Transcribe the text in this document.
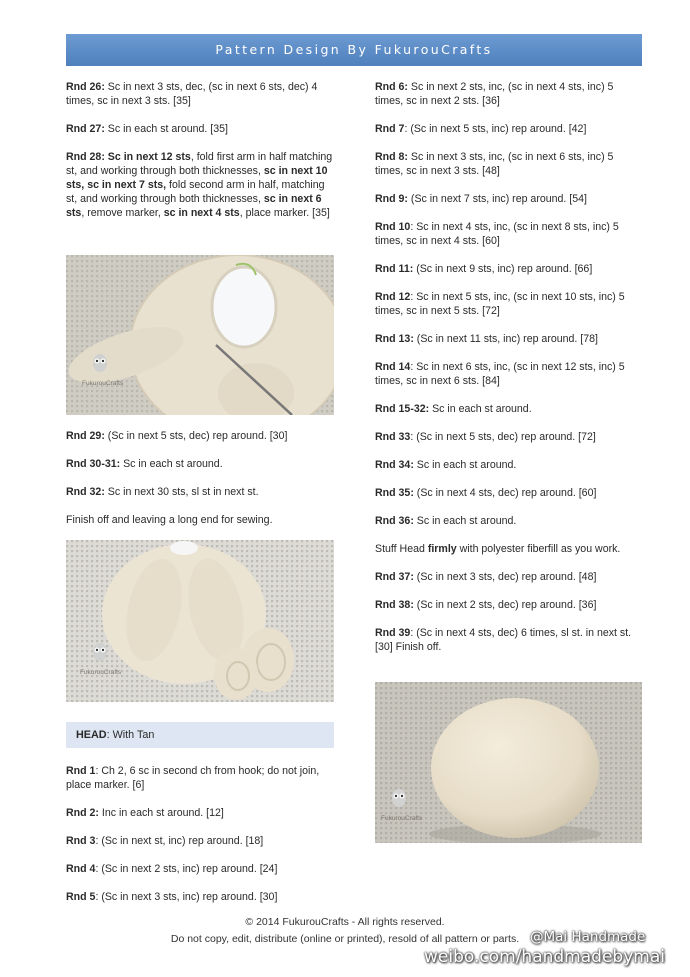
Pattern Design By FukurouCrafts

Rnd 26: Sc in next 3 sts, dec, (sc in next 6 sts, dec) 4 times, sc in next 3 sts. [35]

Rnd 27: Sc in each st around. [35]

Rnd 28: Sc in next 12 sts, fold first arm in half matching st, and working through both thicknesses, sc in next 10 sts, sc in next 7 sts, fold second arm in half, matching st, and working through both thicknesses, sc in next 6 sts, remove marker, sc in next 4 sts, place marker. [35]

FukurouCrafts

Rnd 29: (Sc in next 5 sts, dec) rep around. [30]

Rnd 30-31: Sc in each st around.

Rnd 32: Sc in next 30 sts, sl st in next st.

Finish off and leaving a long end for sewing.

FukurouCrafts
HEAD: With Tan

Rnd 1: Ch 2, 6 sc in second ch from hook; do not join, place marker. [6]

Rnd 2: Inc in each st around. [12]

Rnd 3: (Sc in next st, inc) rep around. [18]

Rnd 4: (Sc in next 2 sts, inc) rep around. [24]

Rnd 5: (Sc in next 3 sts, inc) rep around. [30]

Rnd 6: Sc in next 2 sts, inc, (sc in next 4 sts, inc) 5 times, sc in next 2 sts. [36]

Rnd 7: (Sc in next 5 sts, inc) rep around. [42]

Rnd 8: Sc in next 3 sts, inc, (sc in next 6 sts, inc) 5 times, sc in next 3 sts. [48]

Rnd 9: (Sc in next 7 sts, inc) rep around. [54]

Rnd 10: Sc in next 4 sts, inc, (sc in next 8 sts, inc) 5 times, sc in next 4 sts. [60]

Rnd 11: (Sc in next 9 sts, inc) rep around. [66]

Rnd 12: Sc in next 5 sts, inc, (sc in next 10 sts, inc) 5 times, sc in next 5 sts. [72]

Rnd 13: (Sc in next 11 sts, inc) rep around. [78]

Rnd 14: Sc in next 6 sts, inc, (sc in next 12 sts, inc) 5 times, sc in next 6 sts. [84]

Rnd 15-32: Sc in each st around.

Rnd 33: (Sc in next 5 sts, dec) rep around. [72]

Rnd 34: Sc in each st around.

Rnd 35: (Sc in next 4 sts, dec) rep around. [60]

Rnd 36: Sc in each st around.

Stuff Head firmly with polyester fiberfill as you work.

Rnd 37: (Sc in next 3 sts, dec) rep around. [48]

Rnd 38: (Sc in next 2 sts, dec) rep around. [36]

Rnd 39: (Sc in next 4 sts, dec) 6 times, sl st. in next st. [30] Finish off.

FukurouCrafts
© 2014 FukurouCrafts - All rights reserved.
Do not copy, edit, distribute (online or printed), resold of all pattern or parts. @Mai Handmade
weibo.com/handmadebymai
